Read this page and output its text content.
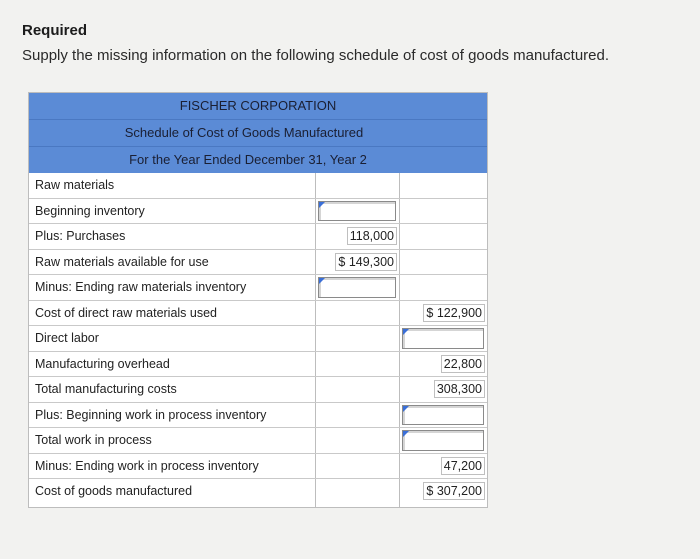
Required
Supply the missing information on the following schedule of cost of goods manufactured.
FISCHER CORPORATION
Schedule of Cost of Goods Manufactured
For the Year Ended December 31, Year 2
Raw materials
Beginning inventory
Plus: Purchases	118,000
Raw materials available for use	$ 149,300
Minus: Ending raw materials inventory
Cost of direct raw materials used	$ 122,900
Direct labor
Manufacturing overhead	22,800
Total manufacturing costs	308,300
Plus: Beginning work in process inventory
Total work in process
Minus: Ending work in process inventory	47,200
Cost of goods manufactured	$ 307,200
